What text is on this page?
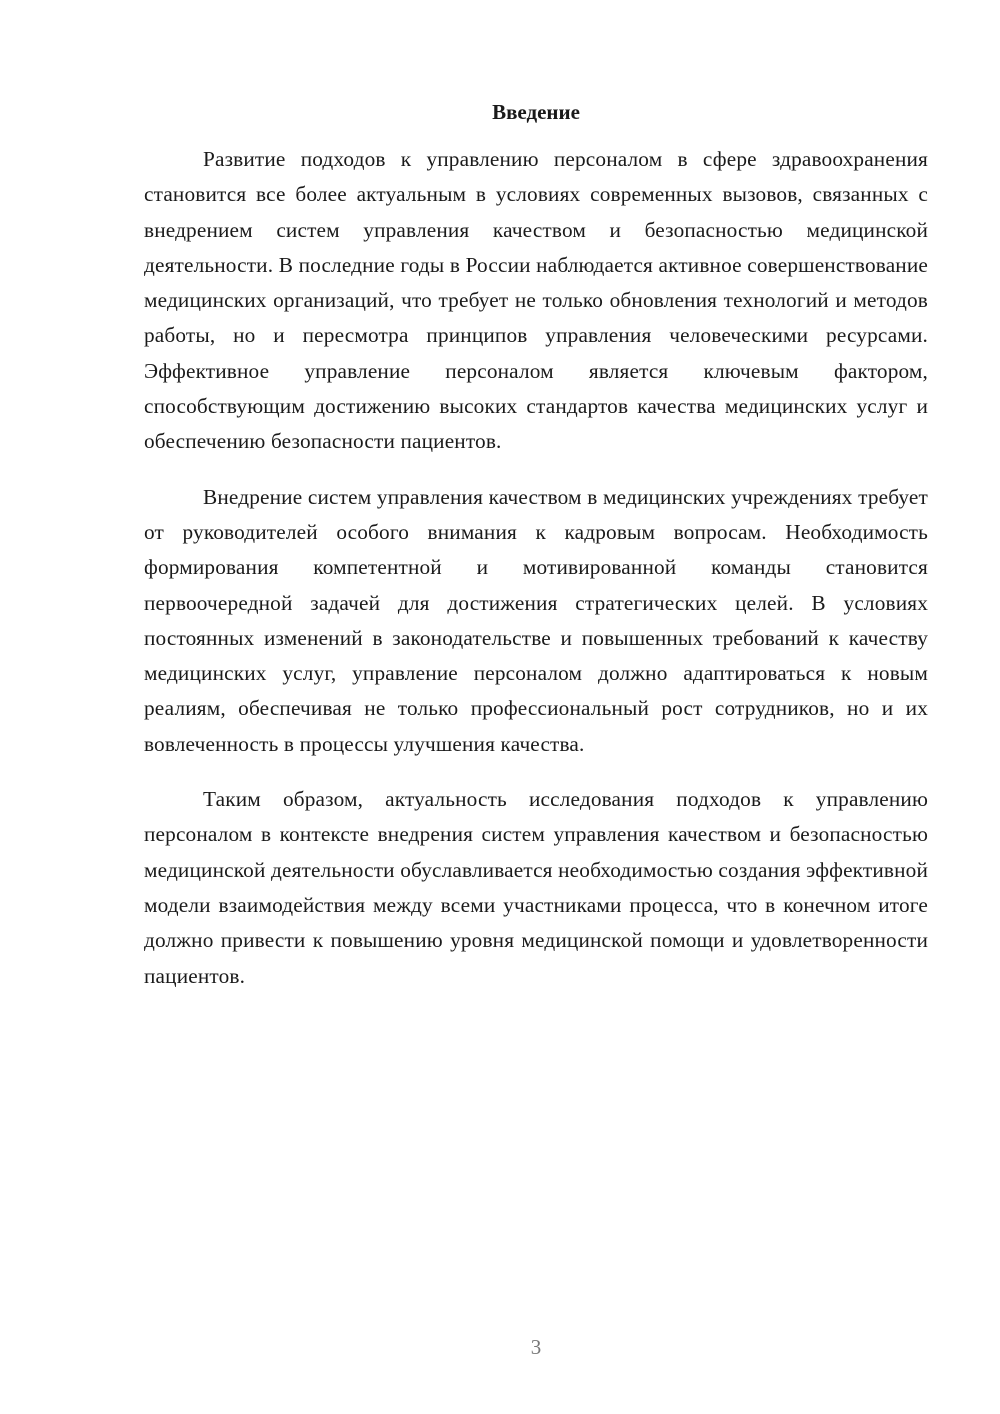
Введение

Развитие подходов к управлению персоналом в сфере здравоохранения становится все более актуальным в условиях современных вызовов, связанных с внедрением систем управления качеством и безопасностью медицинской деятельности. В последние годы в России наблюдается активное совершенствование медицинских организаций, что требует не только обновления технологий и методов работы, но и пересмотра принципов управления человеческими ресурсами. Эффективное управление персоналом является ключевым фактором, способствующим достижению высоких стандартов качества медицинских услуг и обеспечению безопасности пациентов.

Внедрение систем управления качеством в медицинских учреждениях требует от руководителей особого внимания к кадровым вопросам. Необходимость формирования компетентной и мотивированной команды становится первоочередной задачей для достижения стратегических целей. В условиях постоянных изменений в законодательстве и повышенных требований к качеству медицинских услуг, управление персоналом должно адаптироваться к новым реалиям, обеспечивая не только профессиональный рост сотрудников, но и их вовлеченность в процессы улучшения качества.

Таким образом, актуальность исследования подходов к управлению персоналом в контексте внедрения систем управления качеством и безопасностью медицинской деятельности обуславливается необходимостью создания эффективной модели взаимодействия между всеми участниками процесса, что в конечном итоге должно привести к повышению уровня медицинской помощи и удовлетворенности пациентов.

3
